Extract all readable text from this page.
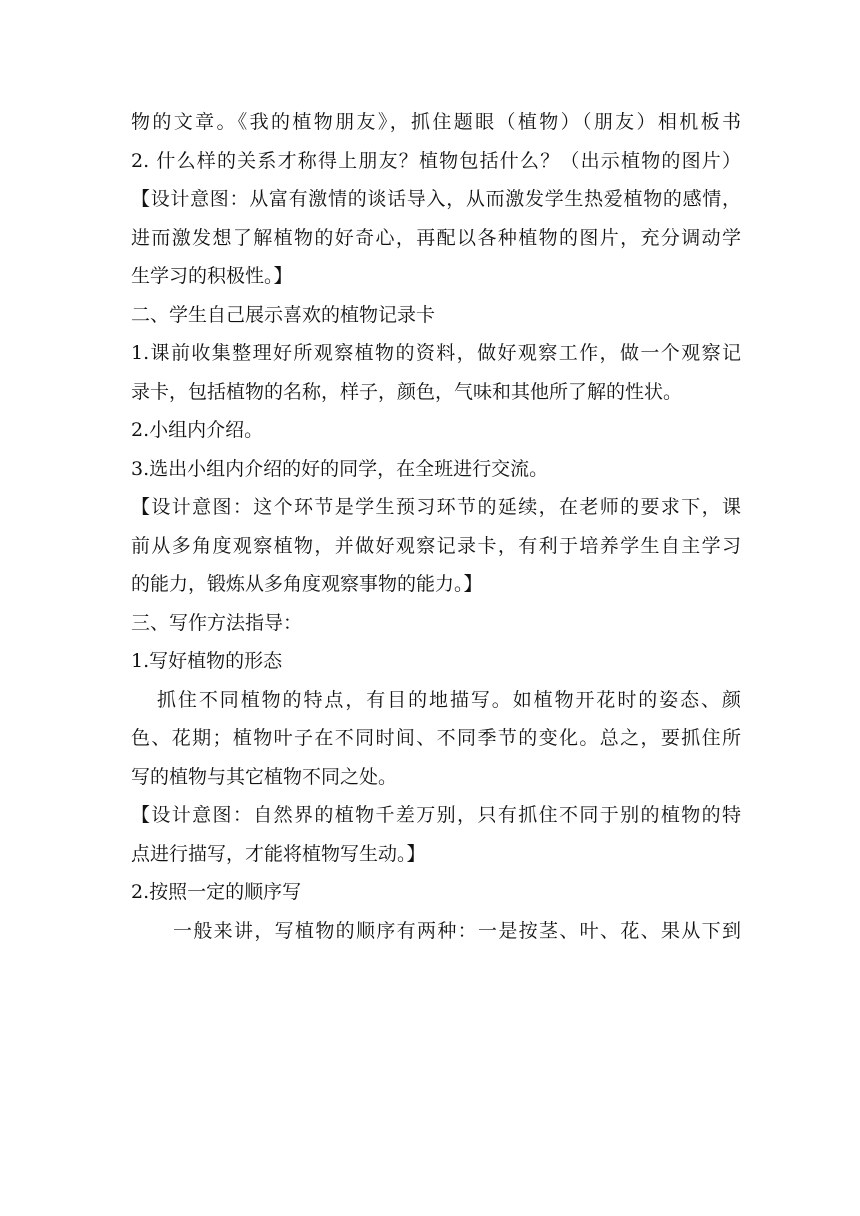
物的文章。《我的植物朋友》，抓住题眼（植物）（朋友）相机板书
2. 什么样的关系才称得上朋友？植物包括什么？（出示植物的图片）
【设计意图：从富有激情的谈话导入，从而激发学生热爱植物的感情，
进而激发想了解植物的好奇心，再配以各种植物的图片，充分调动学
生学习的积极性。】
二、学生自己展示喜欢的植物记录卡
1.课前收集整理好所观察植物的资料，做好观察工作，做一个观察记
录卡，包括植物的名称，样子，颜色，气味和其他所了解的性状。
2.小组内介绍。
3.选出小组内介绍的好的同学，在全班进行交流。
【设计意图：这个环节是学生预习环节的延续，在老师的要求下，课
前从多角度观察植物，并做好观察记录卡，有利于培养学生自主学习
的能力，锻炼从多角度观察事物的能力。】
三、写作方法指导：
1.写好植物的形态
抓住不同植物的特点，有目的地描写。如植物开花时的姿态、颜
色、花期；植物叶子在不同时间、不同季节的变化。总之，要抓住所
写的植物与其它植物不同之处。
【设计意图：自然界的植物千差万别，只有抓住不同于别的植物的特
点进行描写，才能将植物写生动。】
2.按照一定的顺序写
一般来讲，写植物的顺序有两种：一是按茎、叶、花、果从下到
